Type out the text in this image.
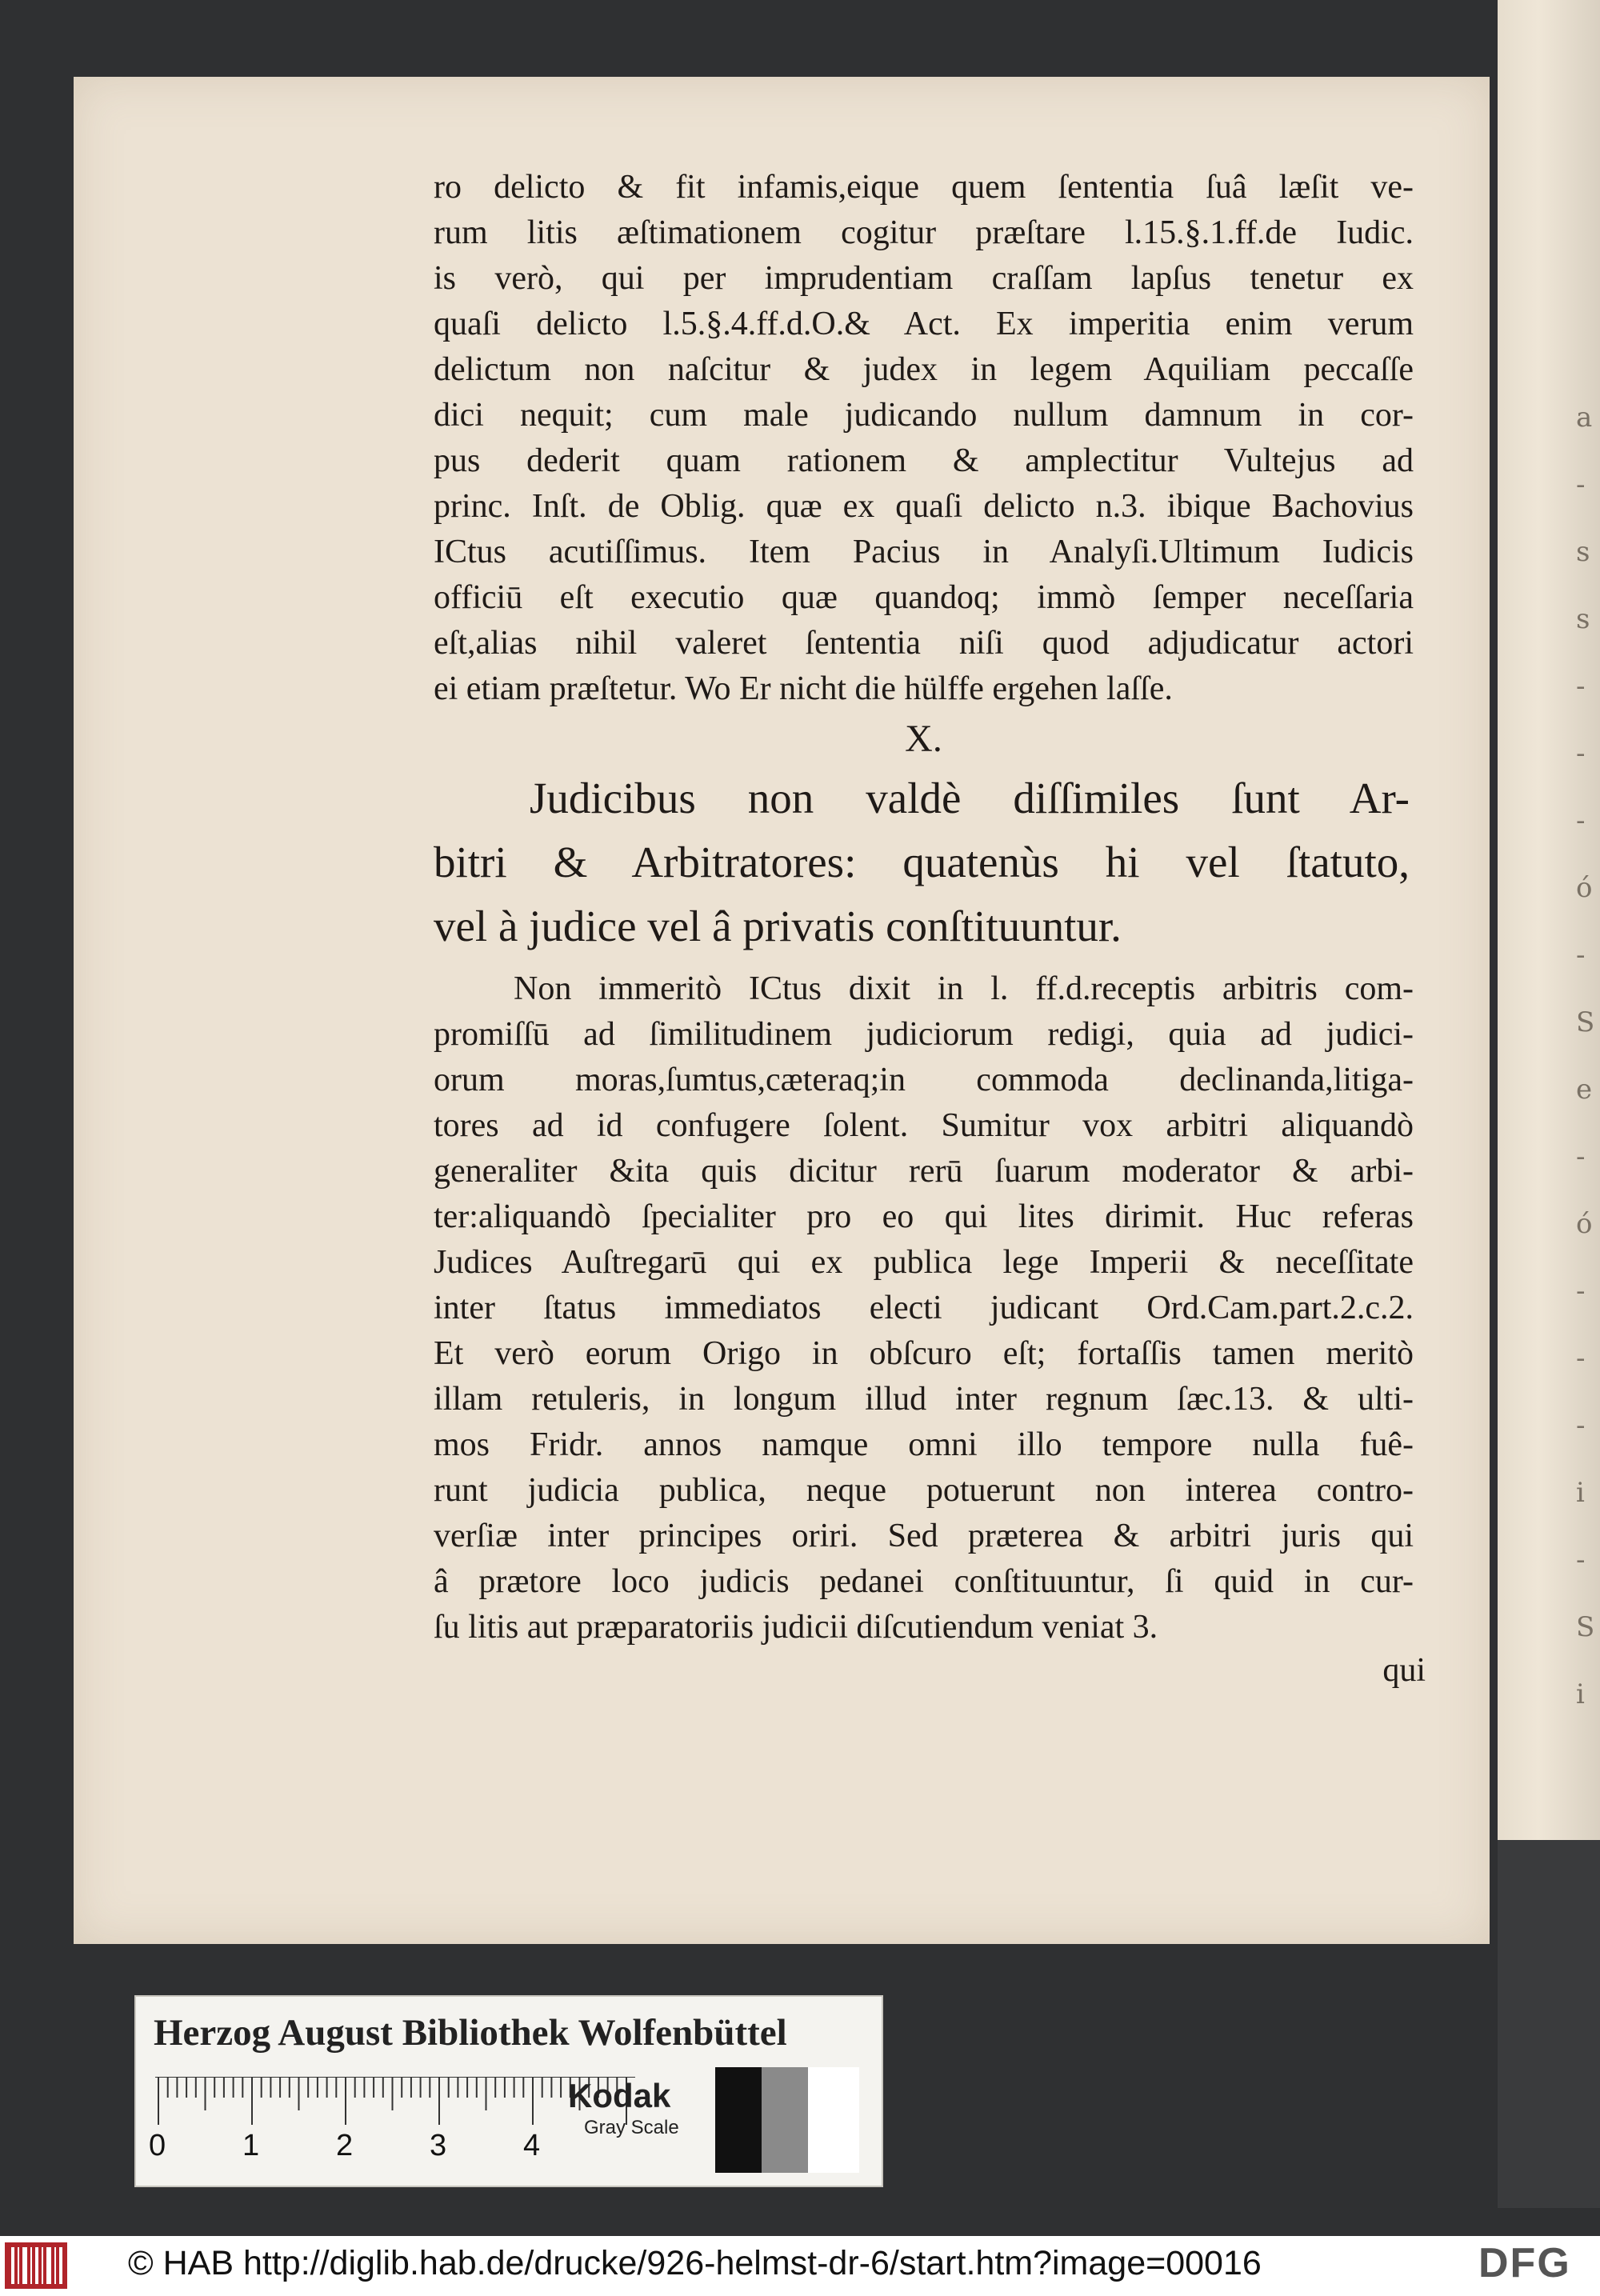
a
-
s
s
-
-
-
ó
-
S
e
-
ó
-
-
-
i
-
S
i
ro delicto & fit infamis,eique quem ſententia ſuâ læſit ve-
rum litis æſtimationem cogitur præſtare l.15.§.1.ff.de Iudic.
is verò, qui per imprudentiam craſſam lapſus tenetur ex
quaſi delicto l.5.§.4.ff.d.O.& Act. Ex imperitia enim verum
delictum non naſcitur & judex in legem Aquiliam peccaſſe
dici nequit; cum male judicando nullum damnum in cor-
pus dederit quam rationem & amplectitur Vultejus ad
princ. Inſt. de Oblig. quæ ex quaſi delicto n.3. ibique Bachovius
ICtus acutiſſimus. Item Pacius in Analyſi.Ultimum Iudicis
officiū eſt executio quæ quandoq; immò ſemper neceſſaria
eſt,alias nihil valeret ſententia niſi quod adjudicatur actori
ei etiam præſtetur. Wo Er nicht die hülffe ergehen laſſe.
X.
Judicibus non valdè diſſimiles ſunt Ar-
bitri & Arbitratores: quatenùs hi vel ſtatuto,
vel à judice vel â privatis conſtituuntur.
Non immeritò ICtus dixit in l. ff.d.receptis arbitris com-
promiſſū ad ſimilitudinem judiciorum redigi, quia ad judici-
orum moras,ſumtus,cæteraq;in commoda declinanda,litiga-
tores ad id confugere ſolent. Sumitur vox arbitri aliquandò
generaliter &ita quis dicitur rerū ſuarum moderator & arbi-
ter:aliquandò ſpecialiter pro eo qui lites dirimit. Huc referas
Judices Auſtregarū qui ex publica lege Imperii & neceſſitate
inter ſtatus immediatos electi judicant Ord.Cam.part.2.c.2.
Et verò eorum Origo in obſcuro eſt; fortaſſis tamen meritò
illam retuleris, in longum illud inter regnum ſæc.13. & ulti-
mos Fridr. annos namque omni illo tempore nulla fuê-
runt judicia publica, neque potuerunt non interea contro-
verſiæ inter principes oriri. Sed præterea & arbitri juris qui
â prætore loco judicis pedanei conſtituuntur, ſi quid in cur-
ſu litis aut præparatoriis judicii diſcutiendum veniat 3.
qui
Herzog August Bibliothek Wolfenbüttel
0	1	2	3	4
Kodak
Gray Scale
© HAB http://diglib.hab.de/drucke/926-helmst-dr-6/start.htm?image=00016	DFG
